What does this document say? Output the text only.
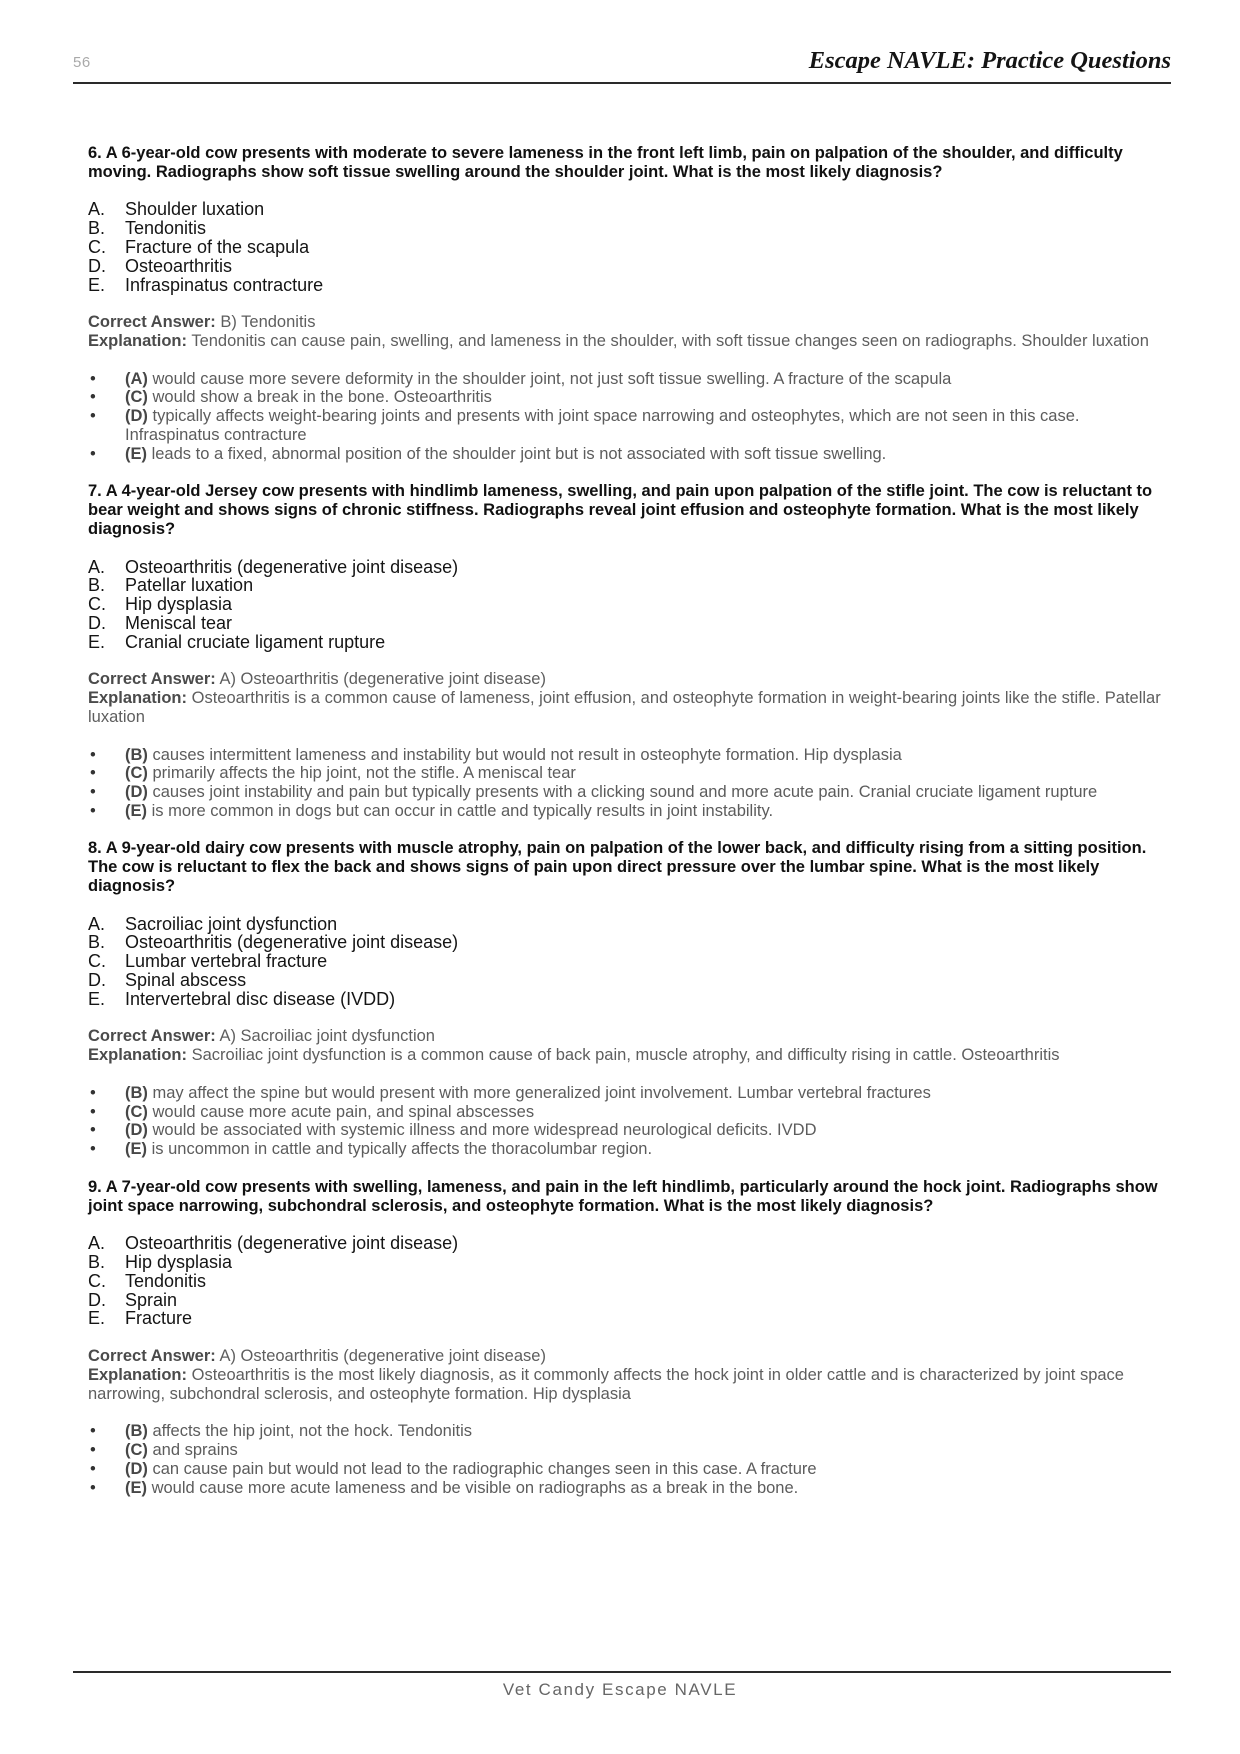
56	Escape NAVLE: Practice Questions

6. A 6-year-old cow presents with moderate to severe lameness in the front left limb, pain on palpation of the shoulder, and difficulty moving. Radiographs show soft tissue swelling around the shoulder joint. What is the most likely diagnosis?

A.	Shoulder luxation
B.	Tendonitis
C.	Fracture of the scapula
D.	Osteoarthritis
E.	Infraspinatus contracture
Correct Answer: B) Tendonitis
Explanation: Tendonitis can cause pain, swelling, and lameness in the shoulder, with soft tissue changes seen on radiographs. Shoulder luxation
• (A) would cause more severe deformity in the shoulder joint, not just soft tissue swelling. A fracture of the scapula
• (C) would show a break in the bone. Osteoarthritis
• (D) typically affects weight-bearing joints and presents with joint space narrowing and osteophytes, which are not seen in this case. Infraspinatus contracture
• (E) leads to a fixed, abnormal position of the shoulder joint but is not associated with soft tissue swelling.

7. A 4-year-old Jersey cow presents with hindlimb lameness, swelling, and pain upon palpation of the stifle joint. The cow is reluctant to bear weight and shows signs of chronic stiffness. Radiographs reveal joint effusion and osteophyte formation. What is the most likely diagnosis?

A.	Osteoarthritis (degenerative joint disease)
B.	Patellar luxation
C.	Hip dysplasia
D.	Meniscal tear
E.	Cranial cruciate ligament rupture
Correct Answer: A) Osteoarthritis (degenerative joint disease)
Explanation: Osteoarthritis is a common cause of lameness, joint effusion, and osteophyte formation in weight-bearing joints like the stifle. Patellar luxation
• (B) causes intermittent lameness and instability but would not result in osteophyte formation. Hip dysplasia
• (C) primarily affects the hip joint, not the stifle. A meniscal tear
• (D) causes joint instability and pain but typically presents with a clicking sound and more acute pain. Cranial cruciate ligament rupture
• (E) is more common in dogs but can occur in cattle and typically results in joint instability.

8. A 9-year-old dairy cow presents with muscle atrophy, pain on palpation of the lower back, and difficulty rising from a sitting position. The cow is reluctant to flex the back and shows signs of pain upon direct pressure over the lumbar spine. What is the most likely diagnosis?

A.	Sacroiliac joint dysfunction
B.	Osteoarthritis (degenerative joint disease)
C.	Lumbar vertebral fracture
D.	Spinal abscess
E.	Intervertebral disc disease (IVDD)
Correct Answer: A) Sacroiliac joint dysfunction
Explanation: Sacroiliac joint dysfunction is a common cause of back pain, muscle atrophy, and difficulty rising in cattle. Osteoarthritis
• (B) may affect the spine but would present with more generalized joint involvement. Lumbar vertebral fractures
• (C) would cause more acute pain, and spinal abscesses
• (D) would be associated with systemic illness and more widespread neurological deficits. IVDD
• (E) is uncommon in cattle and typically affects the thoracolumbar region.

9. A 7-year-old cow presents with swelling, lameness, and pain in the left hindlimb, particularly around the hock joint. Radiographs show joint space narrowing, subchondral sclerosis, and osteophyte formation. What is the most likely diagnosis?

A.	Osteoarthritis (degenerative joint disease)
B.	Hip dysplasia
C.	Tendonitis
D.	Sprain
E.	Fracture
Correct Answer: A) Osteoarthritis (degenerative joint disease)
Explanation: Osteoarthritis is the most likely diagnosis, as it commonly affects the hock joint in older cattle and is characterized by joint space narrowing, subchondral sclerosis, and osteophyte formation. Hip dysplasia
• (B) affects the hip joint, not the hock. Tendonitis
• (C) and sprains
• (D) can cause pain but would not lead to the radiographic changes seen in this case. A fracture
• (E) would cause more acute lameness and be visible on radiographs as a break in the bone.
Vet Candy Escape NAVLE
